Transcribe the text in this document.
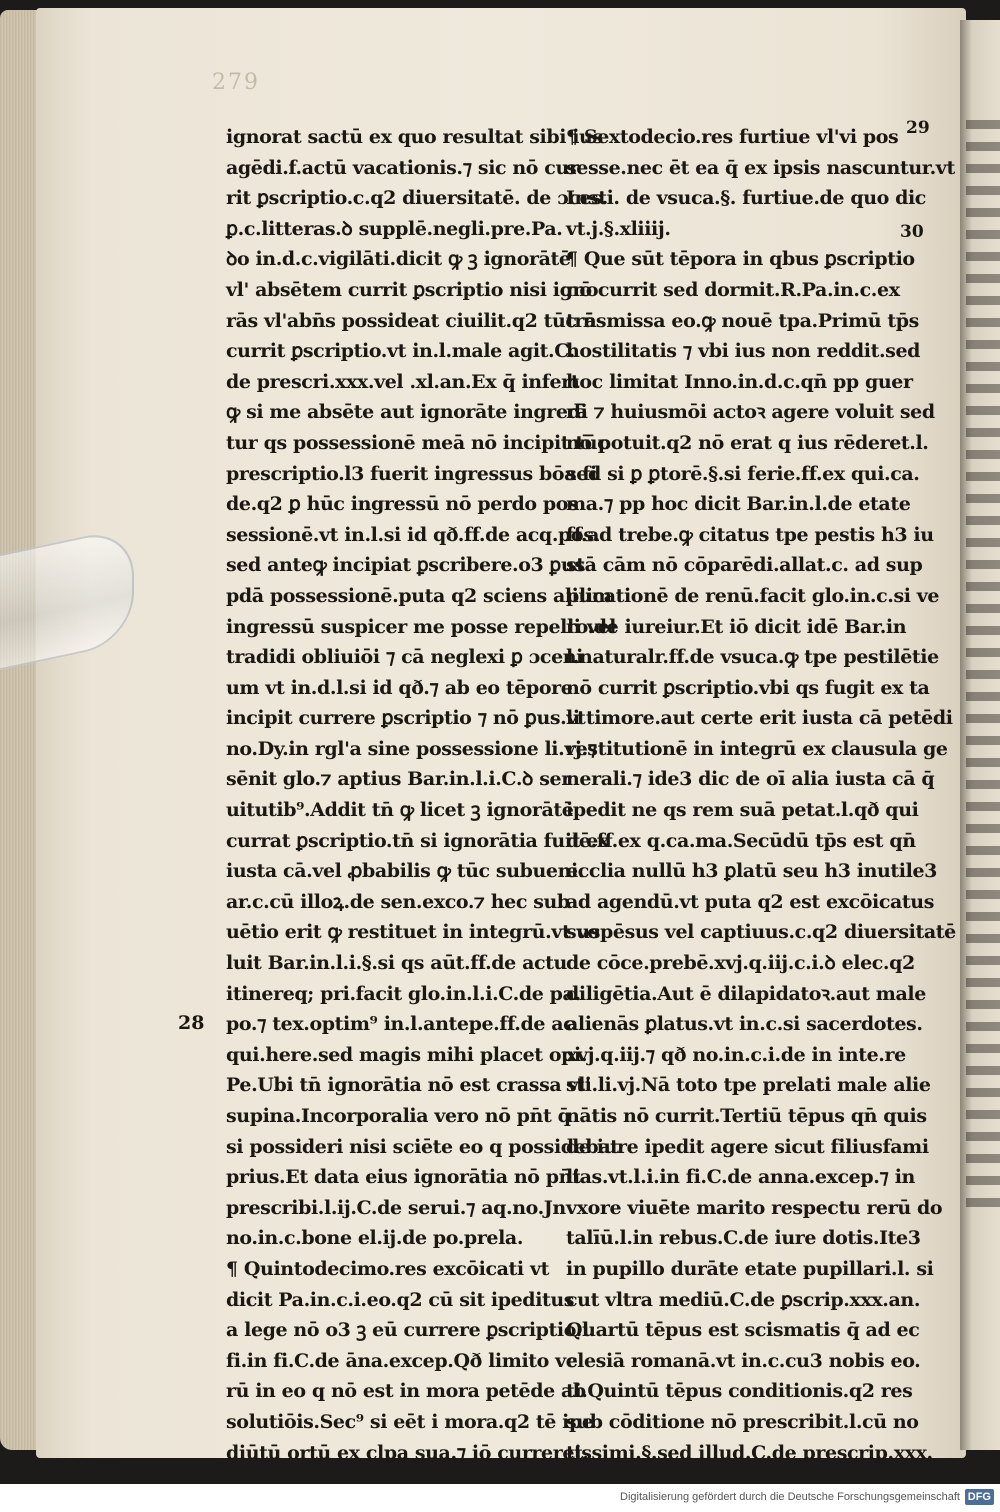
279
ignorat sactū ex quo resultat sibi ius
agēdi.f.actū vacationis.⁊ sic nō cur
rit ꝑscriptio.c.q2 diuersitatē. de ɔces.
ꝑ.c.litteras.ꝺ supplē.negli.pre.Pa.
ꝺo in.d.c.vigilāti.dicit ꝙ ꝫ ignorātē
vl' absētem currit ꝑscriptio nisi igno
rās vl'abn̄s possideat ciuilit.q2 tūc n̄
currit ꝑscriptio.vt in.l.male agit.C.
de prescri.xxx.vel .xl.an.Ex q̄ infert
ꝙ si me absēte aut ignorāte ingredi
tur qs possessionē meā nō incipit tūc
prescriptio.l3 fuerit ingressus bōa fi
de.q2 ꝑ hūc ingressū nō perdo pos
sessionē.vt in.l.si id qð.ff.de acq.pos.
sed anteꝙ incipiat ꝑscribere.o3 ꝑus
pdā possessionē.puta q2 sciens alium
ingressū suspicer me posse repelli vel
tradidi obliuiōi ⁊ cā neglexi ꝑ ɔceni
um vt in.d.l.si id qð.⁊ ab eo tēpore
incipit currere ꝑscriptio ⁊ nō ꝑus.vt
no.Dy.in rgl'a sine possessione li.vj.⁊
sēnit glo.⁊ aptius Bar.in.l.i.C.ꝺ ser
uitutib⁹.Addit tn̄ ꝙ licet ꝫ ignorātē
currat ꝑscriptio.tn̄ si ignorātia fuit ex
iusta cā.vel ꝓbabilis ꝙ tūc subueni.
ar.c.cū illoꝝ.de sen.exco.⁊ hec sub
uētio erit ꝙ restituet in integrū.vt vo
luit Bar.in.l.i.§.si qs aūt.ff.de actu
itinereq; pri.facit glo.in.l.i.C.de pa.
po.⁊ tex.optim⁹ in.l.antepe.ff.de ac
qui.here.sed magis mihi placet opi.
Pe.Ubi tn̄ ignorātia nō est crassa vl'
supina.Incorporalia vero nō pn̄t q̄
si possideri nisi sciēte eo q possidebat
prius.Et data eius ignorātia nō pn̄t
prescribi.l.ij.C.de serui.⁊ aq.no.Jn
no.in.c.bone el.ij.de po.prela.
¶ Quintodecimo.res excōicati vt
dicit Pa.in.c.i.eo.q2 cū sit ipeditus
a lege nō o3 ꝫ eū currere ꝑscriptio.l.
fi.in fi.C.de āna.excep.Qð limito ve
rū in eo q nō est in mora petēde ab
solutiōis.Sec⁹ si eēt i mora.q2 tē ipe
diūtū ortū ex clpa sua.⁊ iō curreret.
¶ Sextodecio.res furtiue vl'vi pos
sesse.nec ēt ea q̄ ex ipsis nascuntur.vt
Insti. de vsuca.§. furtiue.de quo dic
vt.j.§.xliiij.
¶ Que sūt tēpora in qbus ꝑscriptio
nō currit sed dormit.R.Pa.in.c.ex
trāsmissa eo.ꝙ nouē tpa.Primū tp̄s
hostilitatis ⁊ vbi ius non reddit.sed
hoc limitat Inno.in.d.c.qn̄ pp guer
rā ⁊ huiusmōi actoꝛ agere voluit sed
nō potuit.q2 nō erat q ius rēderet.l.
sed si ꝑ ꝑtorē.§.si ferie.ff.ex qui.ca.
ma.⁊ pp hoc dicit Bar.in.l.de etate
ff.ad trebe.ꝙ citatus tpe pestis h3 iu
stā cām nō cōparēdi.allat.c. ad sup
plicationē de renū.facit glo.in.c.si ve
ro.de iureiur.Et iō dicit idē Bar.in
l.naturalr.ff.de vsuca.ꝙ tpe pestilētie
nō currit ꝑscriptio.vbi qs fugit ex ta
li timore.aut certe erit iusta cā petēdi
restitutionē in integrū ex clausula ge
nerali.⁊ ide3 dic de oī alia iusta cā q̄
ipedit ne qs rem suā petat.l.qð qui
dē.ff.ex q.ca.ma.Secūdū tp̄s est qn̄
ecclia nullū h3 ꝑlatū seu h3 inutile3
ad agendū.vt puta q2 est excōicatus
suspēsus vel captiuus.c.q2 diuersitatē
de cōce.prebē.xvj.q.iij.c.i.ꝺ elec.q2
diligētia.Aut ē dilapidatoꝛ.aut male
alienās ꝑlatus.vt in.c.si sacerdotes.
xvj.q.iij.⁊ qð no.in.c.i.de in inte.re
sti.li.vj.Nā toto tpe prelati male alie
nātis nō currit.Tertiū tēpus qn̄ quis
de iure ipedit agere sicut filiusfami
lias.vt.l.i.in fi.C.de anna.excep.⁊ in
vxore viuēte marito respectu rerū do
talīū.l.in rebus.C.de iure dotis.Ite3
in pupillo durāte etate pupillari.l. si
cut vltra mediū.C.de ꝑscrip.xxx.an.
Quartū tēpus est scismatis q̄ ad ec
clesiā romanā.vt in.c.cu3 nobis eo.
ti.Quintū tēpus conditionis.q2 res
sub cōditione nō prescribit.l.cū no
tissimi.§.sed illud.C.de prescrip.xxx.
28
29
30
Digitalisierung gefördert durch die Deutsche Forschungsgemeinschaft DFG
